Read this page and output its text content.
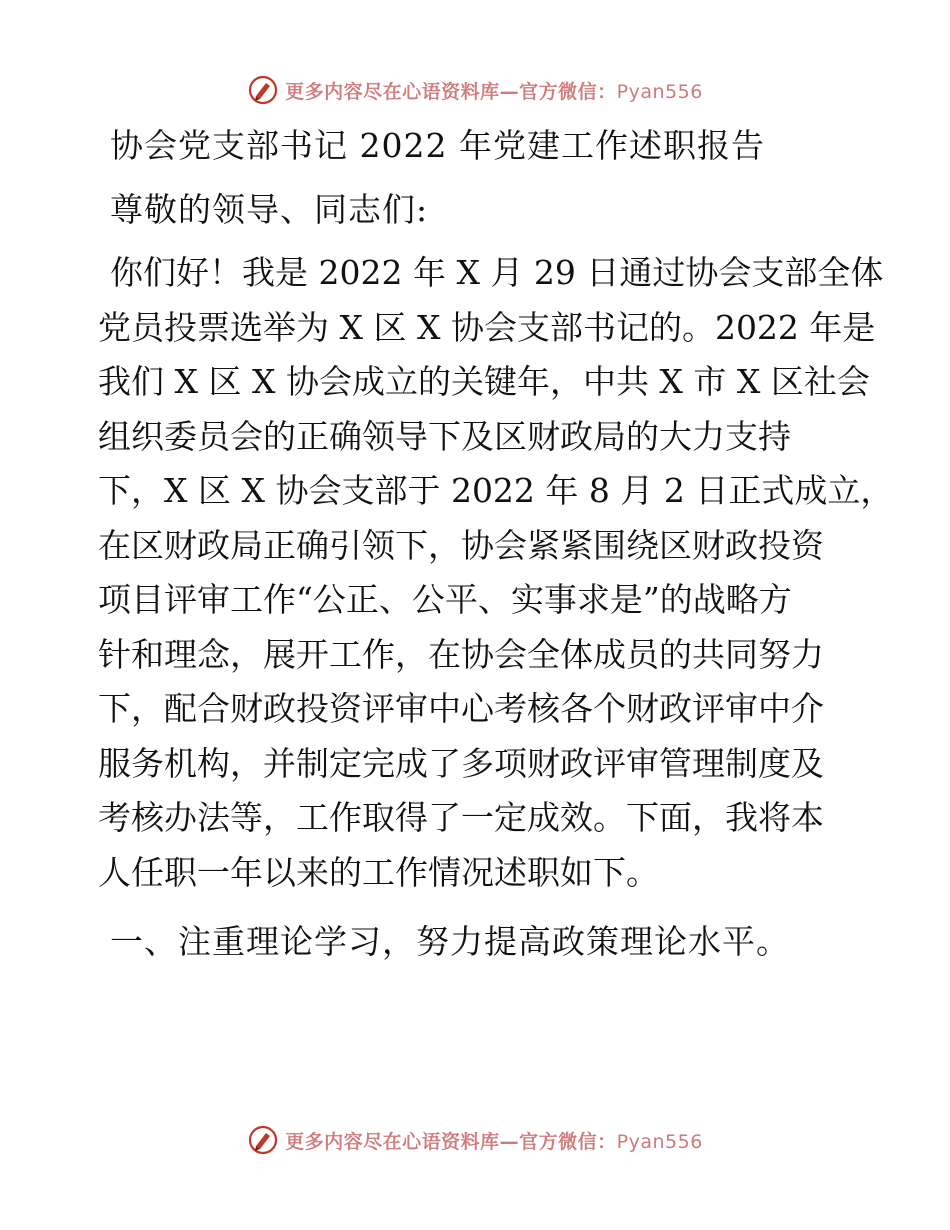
更多内容尽在心语资料库—官方微信：Pyan556
协会党支部书记 2022 年党建工作述职报告
尊敬的领导、同志们:
你们好！我是 2022 年 X 月 29 日通过协会支部全体
党员投票选举为 X 区 X 协会支部书记的。2022 年是
我们 X 区 X 协会成立的关键年，中共 X 市 X 区社会
组织委员会的正确领导下及区财政局的大力支持
下，X 区 X 协会支部于 2022 年 8 月 2 日正式成立，
在区财政局正确引领下，协会紧紧围绕区财政投资
项目评审工作“公正、公平、实事求是”的战略方
针和理念，展开工作，在协会全体成员的共同努力
下，配合财政投资评审中心考核各个财政评审中介
服务机构，并制定完成了多项财政评审管理制度及
考核办法等，工作取得了一定成效。下面，我将本
人任职一年以来的工作情况述职如下。
一、注重理论学习，努力提高政策理论水平。
更多内容尽在心语资料库—官方微信：Pyan556
